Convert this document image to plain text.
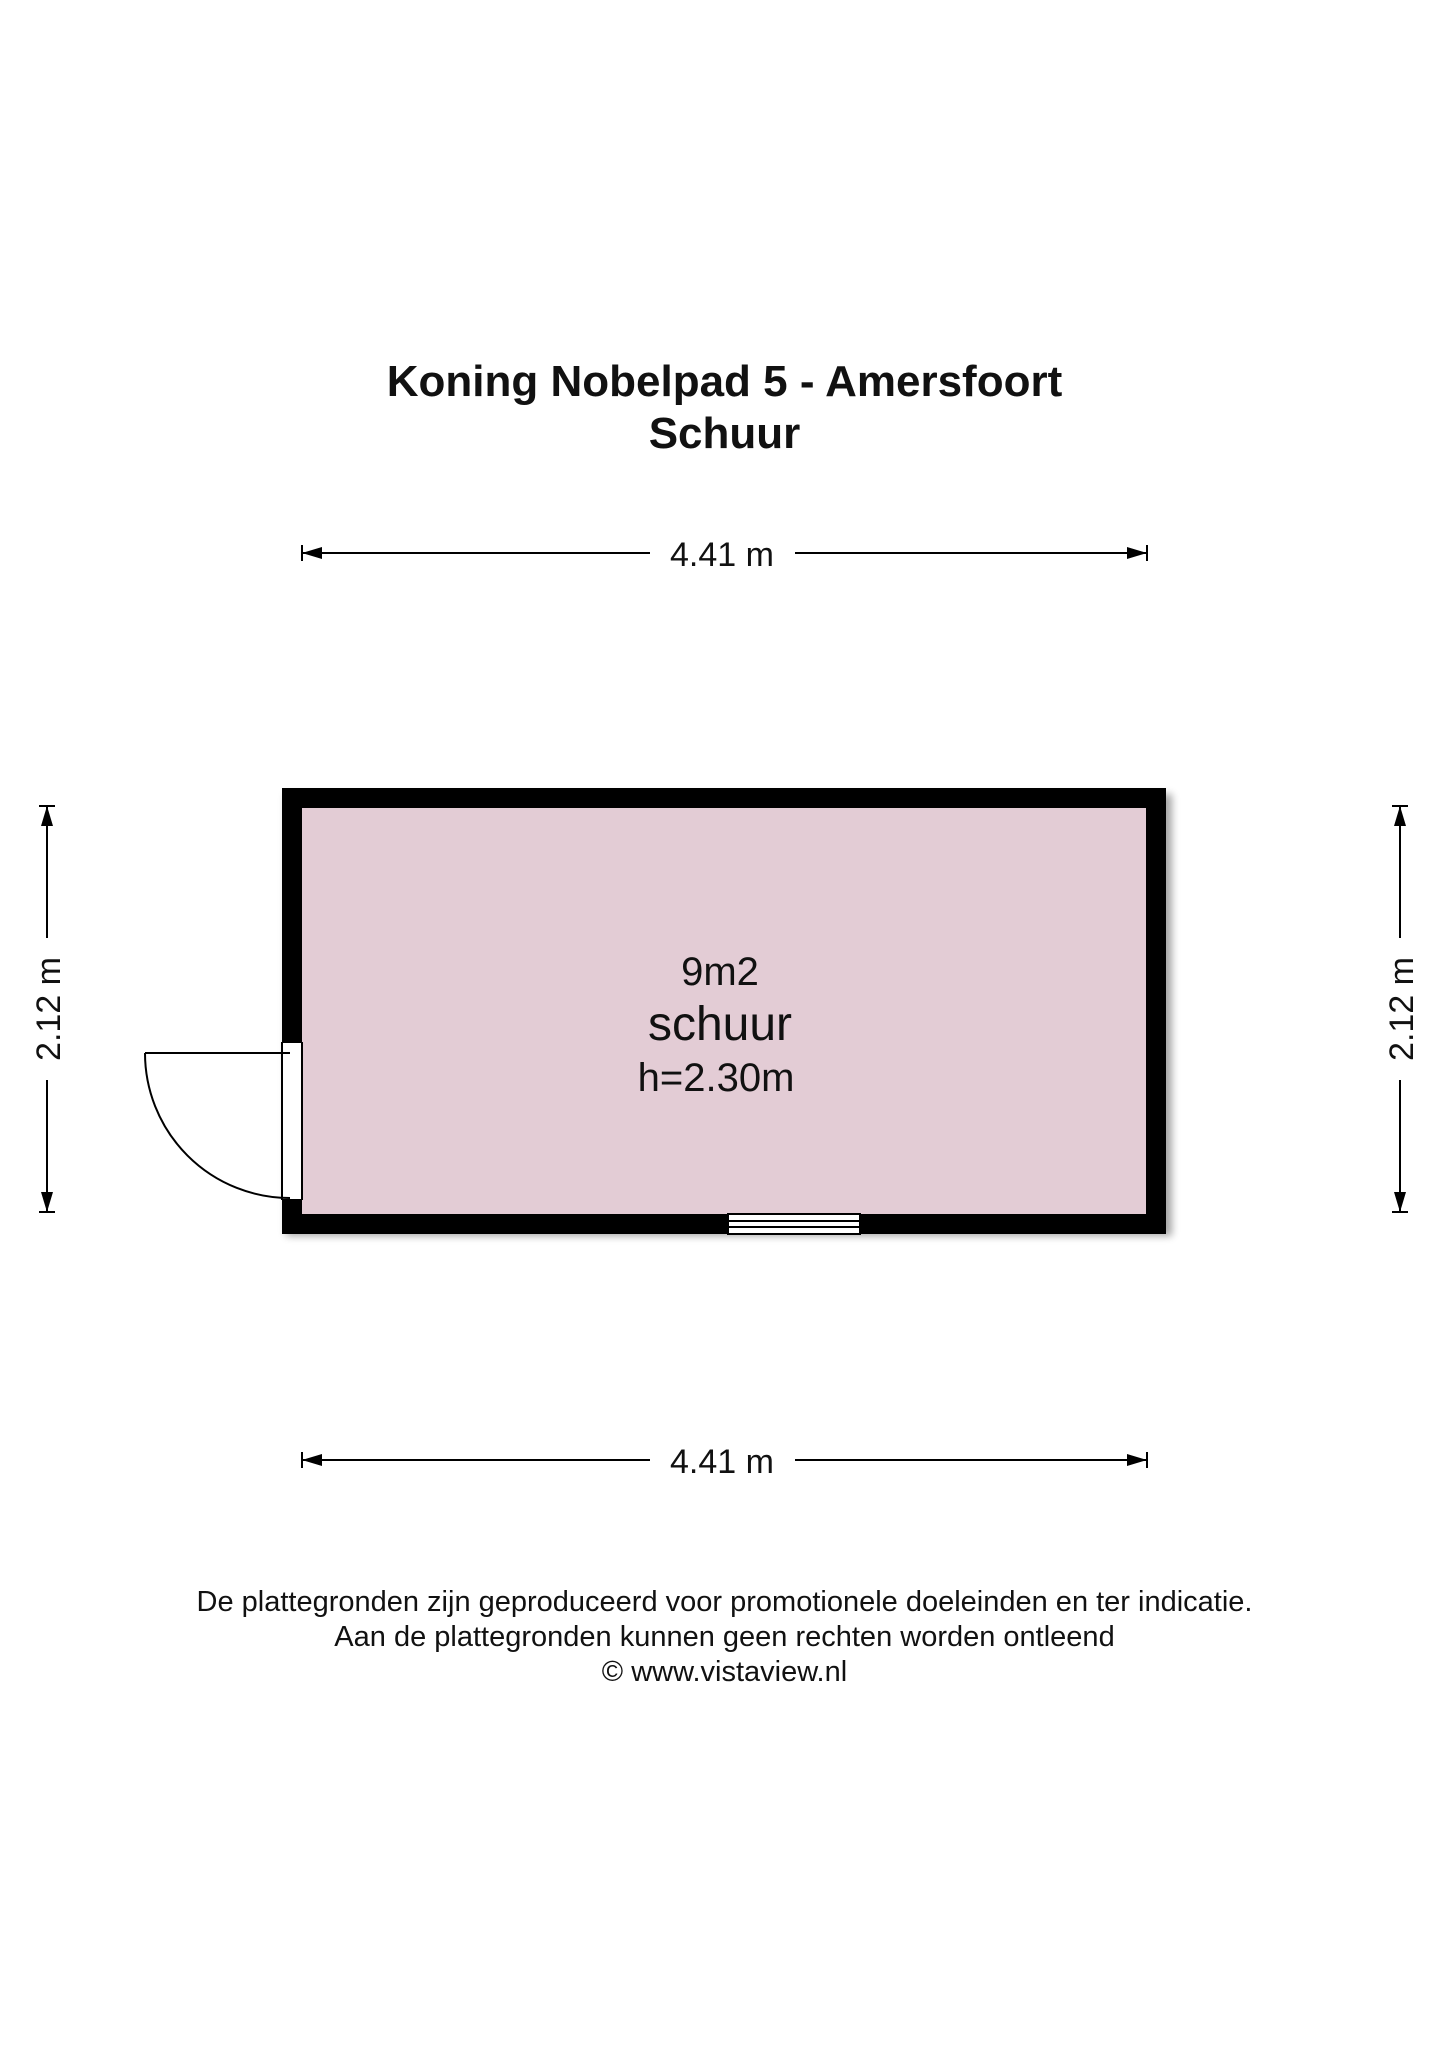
Koning Nobelpad 5 - Amersfoort
Schuur
4.41 m
4.41 m
2.12 m	2.12 m
9m2
schuur
h=2.30m
De plattegronden zijn geproduceerd voor promotionele doeleinden en ter indicatie.
Aan de plattegronden kunnen geen rechten worden ontleend
© www.vistaview.nl
